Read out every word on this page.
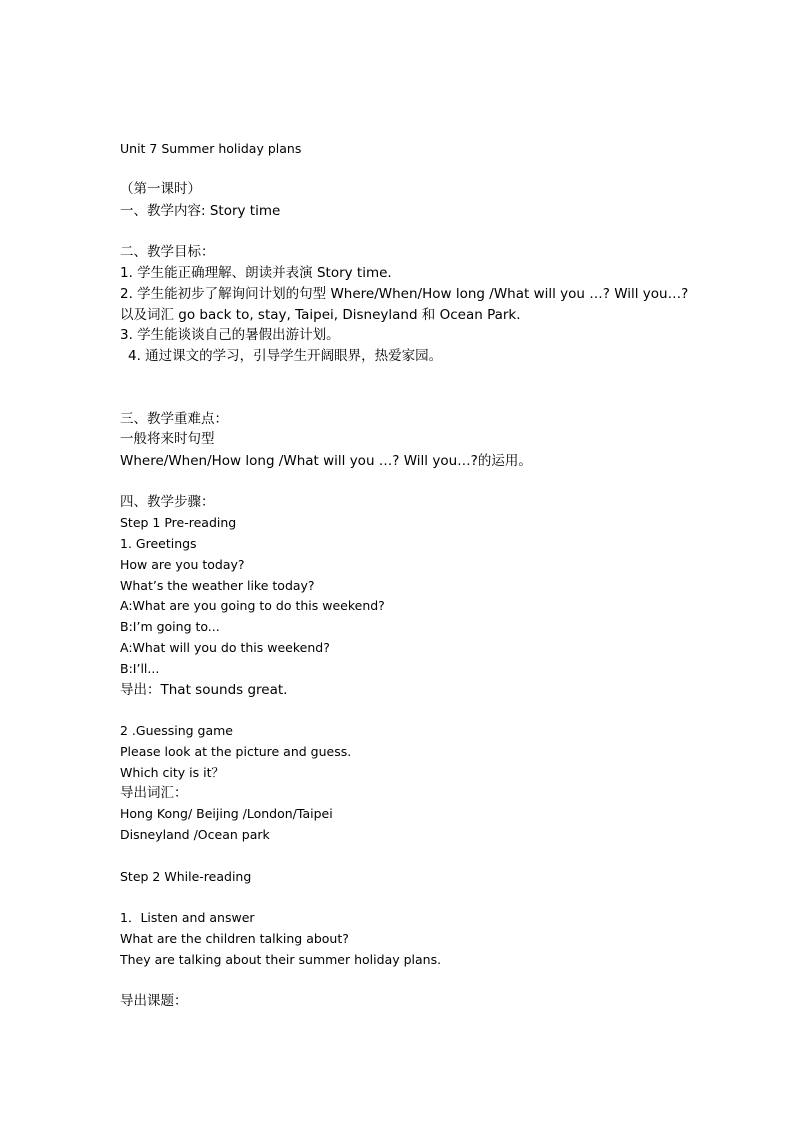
Unit 7 Summer holiday plans
（第一课时）
一、教学内容: Story time
二、教学目标：
1. 学生能正确理解、朗读并表演 Story time.
2. 学生能初步了解询问计划的句型 Where/When/How long /What will you …? Will you…?
以及词汇 go back to, stay, Taipei, Disneyland 和 Ocean Park.
3. 学生能谈谈自己的暑假出游计划。
4. 通过课文的学习，引导学生开阔眼界，热爱家园。
三、教学重难点：
一般将来时句型
Where/When/How long /What will you …? Will you…?的运用。
四、教学步骤：
Step 1 Pre-reading
1. Greetings
How are you today?
What’s the weather like today?
A:What are you going to do this weekend?
B:I’m going to...
A:What will you do this weekend?
B:I’ll...
导出：That sounds great.
2 .Guessing game
Please look at the picture and guess.
Which city is it？
导出词汇：
Hong Kong/ Beijing /London/Taipei
Disneyland /Ocean park
Step 2 While-reading
1．Listen and answer
What are the children talking about?
They are talking about their summer holiday plans.
导出课题：
